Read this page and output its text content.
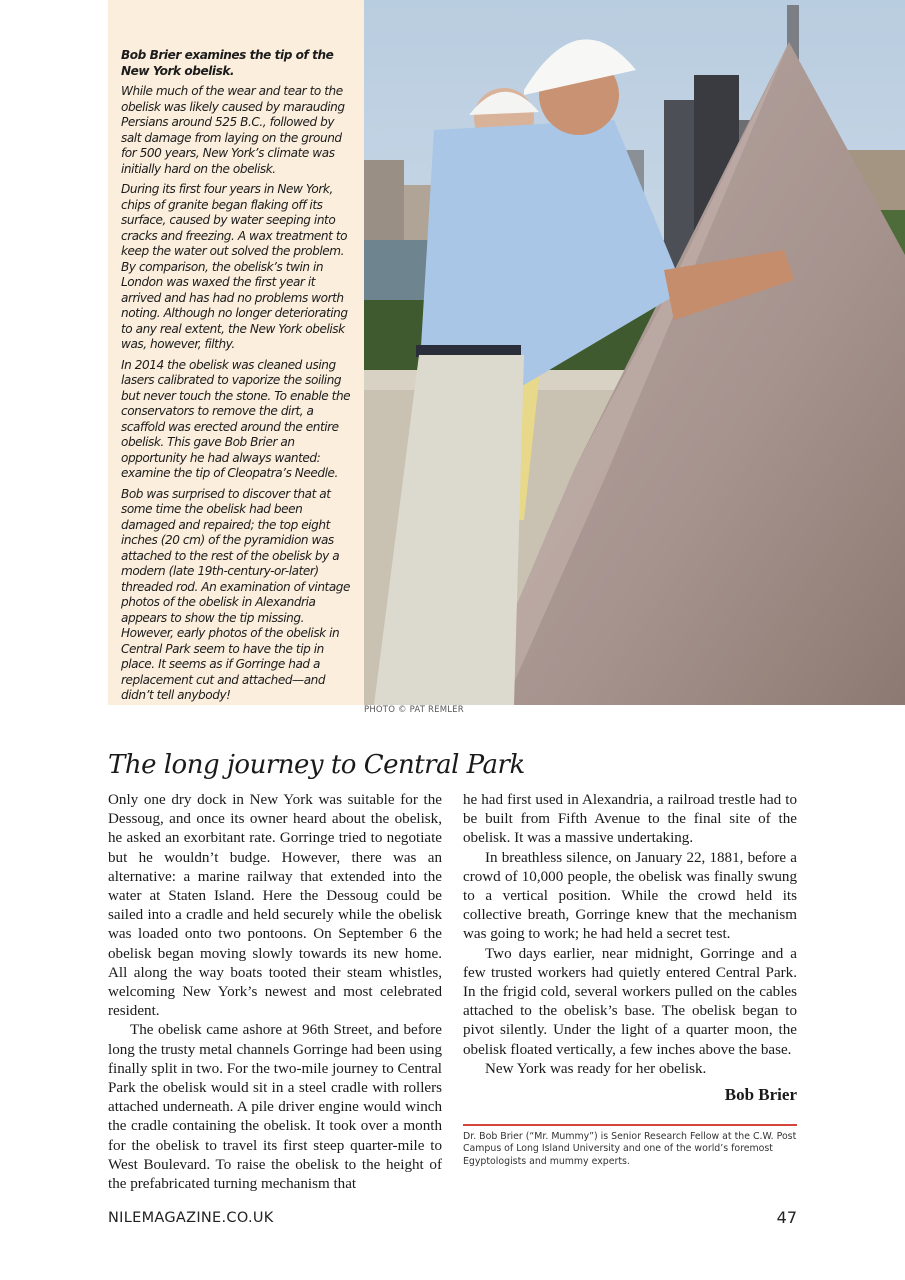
Bob Brier examines the tip of the New York obelisk.

While much of the wear and tear to the obelisk was likely caused by marauding Persians around 525 B.C., followed by salt damage from laying on the ground for 500 years, New York’s climate was initially hard on the obelisk.

During its first four years in New York, chips of granite began flaking off its surface, caused by water seeping into cracks and freezing. A wax treatment to keep the water out solved the problem. By comparison, the obelisk’s twin in London was waxed the first year it arrived and has had no problems worth noting. Although no longer deteriorating to any real extent, the New York obelisk was, however, filthy.

In 2014 the obelisk was cleaned using lasers calibrated to vaporize the soiling but never touch the stone. To enable the conservators to remove the dirt, a scaffold was erected around the entire obelisk. This gave Bob Brier an opportunity he had always wanted: examine the tip of Cleopatra’s Needle.

Bob was surprised to discover that at some time the obelisk had been damaged and repaired; the top eight inches (20 cm) of the pyramidion was attached to the rest of the obelisk by a modern (late 19th-century-or-later) threaded rod. An examination of vintage photos of the obelisk in Alexandria appears to show the tip missing. However, early photos of the obelisk in Central Park seem to have the tip in place. It seems as if Gorringe had a replacement cut and attached—and didn’t tell anybody!

PHOTO © PAT REMLER
The long journey to Central Park

Only one dry dock in New York was suitable for the Dessoug, and once its owner heard about the obelisk, he asked an exorbitant rate. Gorringe tried to negotiate but he wouldn’t budge. However, there was an alternative: a marine railway that extended into the water at Staten Island. Here the Dessoug could be sailed into a cradle and held securely while the obelisk was loaded onto two pontoons. On September 6 the obelisk began moving slowly towards its new home. All along the way boats tooted their steam whistles, welcoming New York’s newest and most celebrated resident.

The obelisk came ashore at 96th Street, and before long the trusty metal channels Gorringe had been using finally split in two. For the two-mile journey to Central Park the obelisk would sit in a steel cradle with rollers attached underneath. A pile driver engine would winch the cradle containing the obelisk. It took over a month for the obelisk to travel its first steep quarter-mile to West Boulevard. To raise the obelisk to the height of the prefabricated turning mechanism that

he had first used in Alexandria, a railroad trestle had to be built from Fifth Avenue to the final site of the obelisk. It was a massive undertaking.

In breathless silence, on January 22, 1881, before a crowd of 10,000 people, the obelisk was finally swung to a vertical position. While the crowd held its collective breath, Gorringe knew that the mechanism was going to work; he had held a secret test.

Two days earlier, near midnight, Gorringe and a few trusted workers had quietly entered Central Park. In the frigid cold, several workers pulled on the cables attached to the obelisk’s base. The obelisk began to pivot silently. Under the light of a quarter moon, the obelisk floated vertically, a few inches above the base.

New York was ready for her obelisk.

Bob Brier
Dr. Bob Brier (“Mr. Mummy”) is Senior Research Fellow at the C.W. Post Campus of Long Island University and one of the world’s foremost Egyptologists and mummy experts.
NILEMAGAZINE.CO.UK	47
